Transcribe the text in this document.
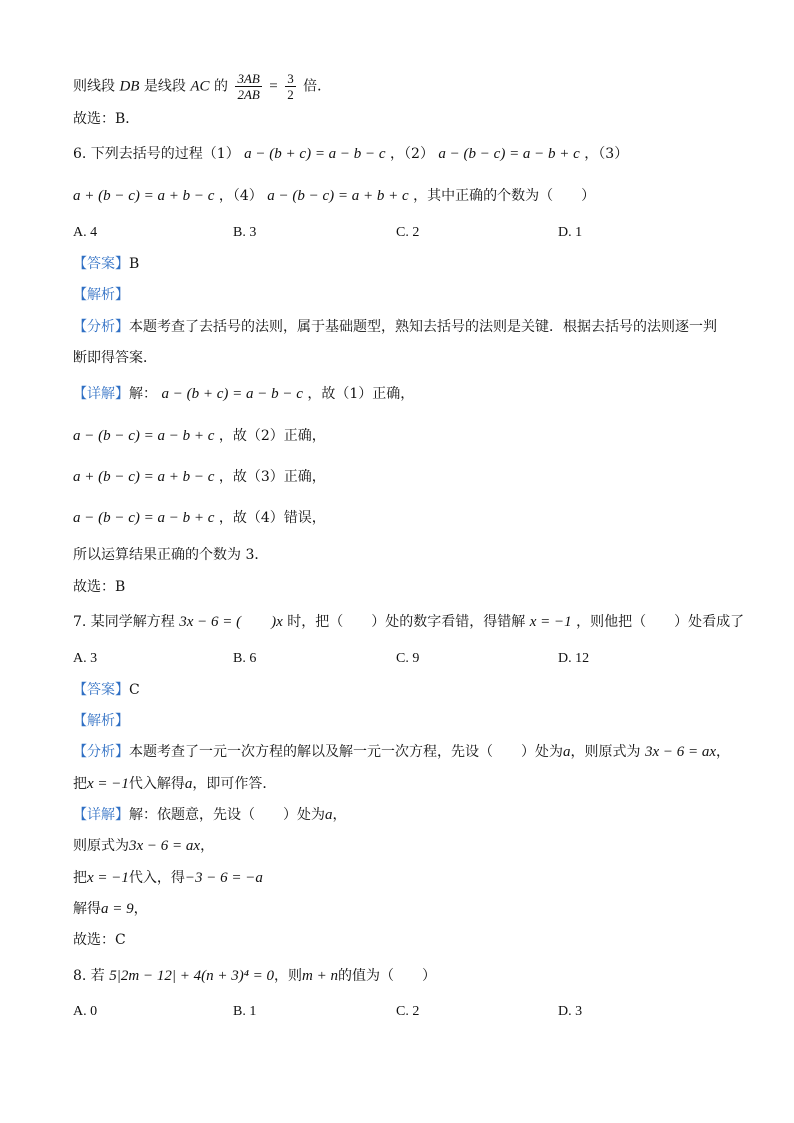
则线段 DB 是线段 AC 的 $\frac{3AB}{2AB} = \frac{3}{2}$ 倍．
故选：B．
6. 下列去括号的过程（1） a − (b + c) = a − b − c ，（2） a − (b − c) = a − b + c ，（3）
a + (b − c) = a + b − c ，（4） a − (b − c) = a + b + c ，其中正确的个数为（　　）
A. 4	B. 3	C. 2	D. 1
【答案】B
【解析】
【分析】本题考查了去括号的法则，属于基础题型，熟知去括号的法则是关键．根据去括号的法则逐一判
断即得答案．
【详解】解： a − (b + c) = a − b − c ，故（1）正确，
a − (b − c) = a − b + c ，故（2）正确，
a + (b − c) = a + b − c ，故（3）正确，
a − (b − c) = a − b + c ，故（4）错误，
所以运算结果正确的个数为 3．
故选：B
7. 某同学解方程 3x − 6 = (　　)x 时，把（　　）处的数字看错，得错解 x = −1 ，则他把（　　）处看成了
A. 3	B. 6	C. 9	D. 12
【答案】C
【解析】
【分析】本题考查了一元一次方程的解以及解一元一次方程，先设（　　）处为a，则原式为 3x − 6 = ax，
把x = −1代入解得a，即可作答．
【详解】解：依题意，先设（　　）处为a，
则原式为3x − 6 = ax，
把x = −1代入，得−3 − 6 = −a
解得a = 9，
故选：C
8. 若 5|2m − 12| + 4(n + 3)⁴ = 0，则m + n的值为（　　）
A. 0	B. 1	C. 2	D. 3
